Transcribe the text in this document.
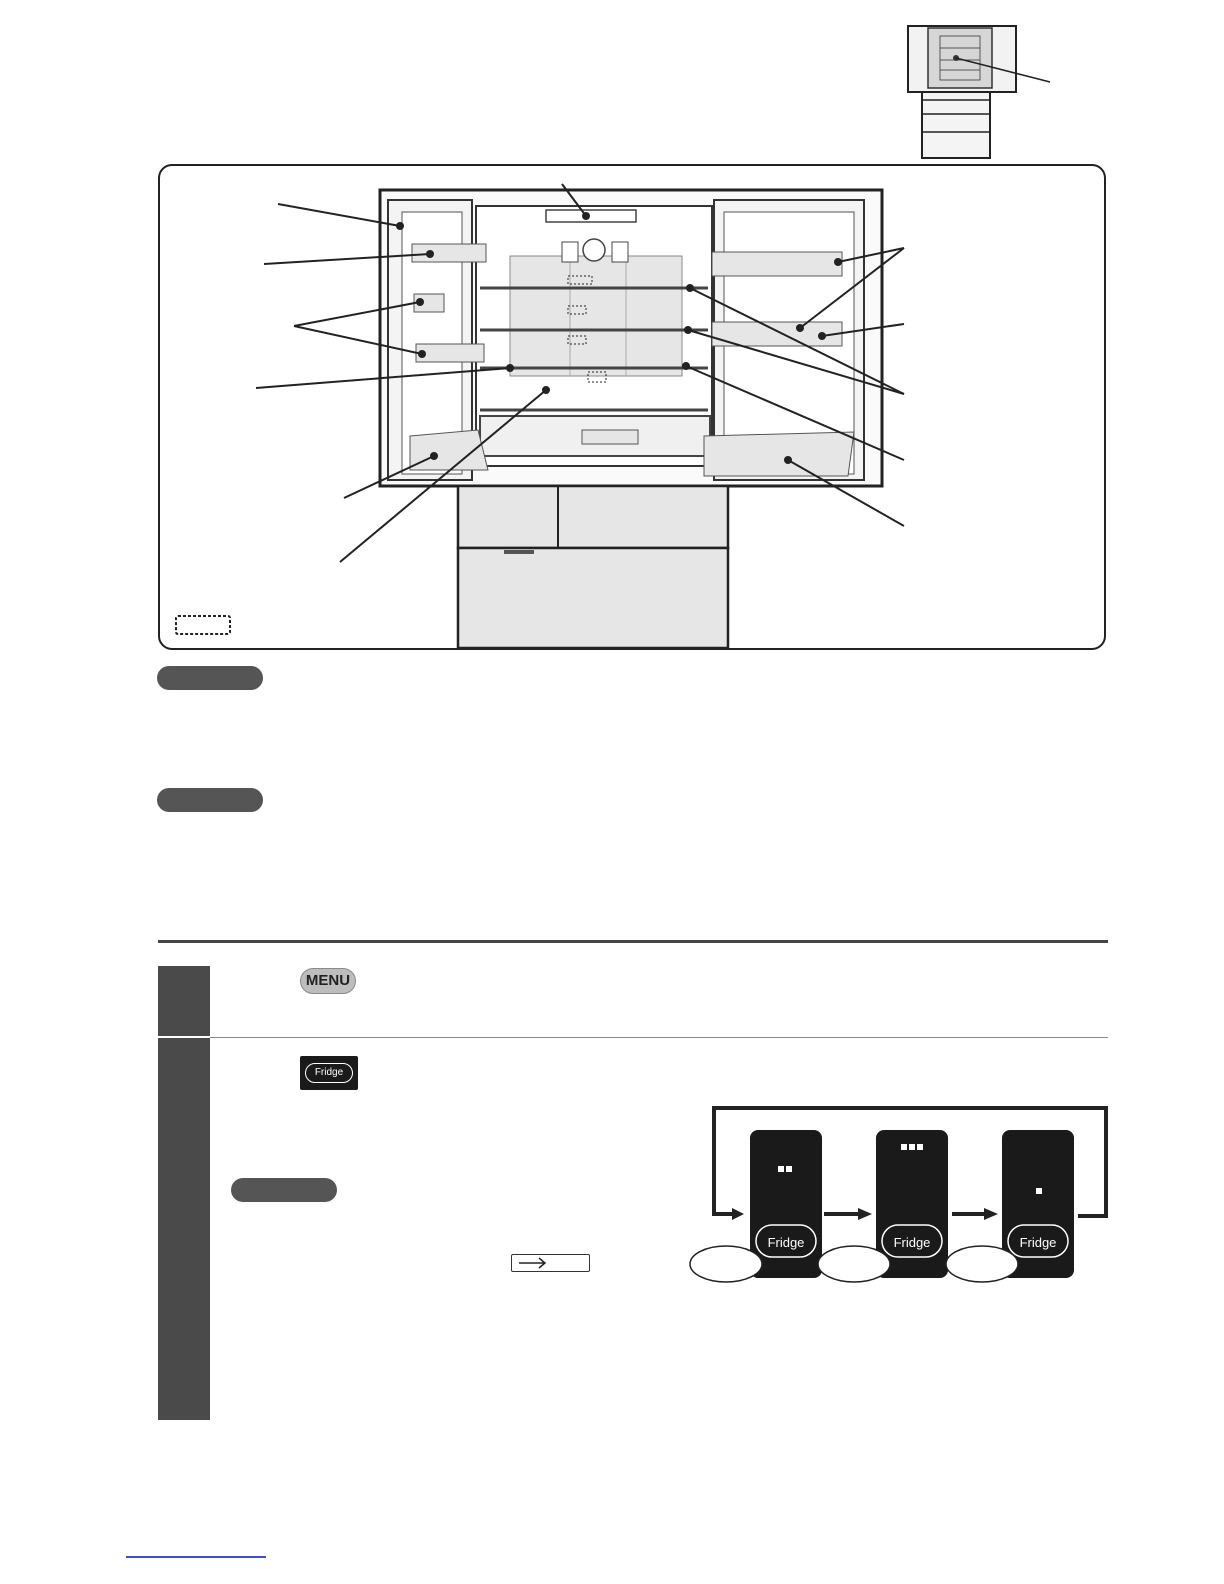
MENU
Fridge
Fridge	Fridge	Fridge
